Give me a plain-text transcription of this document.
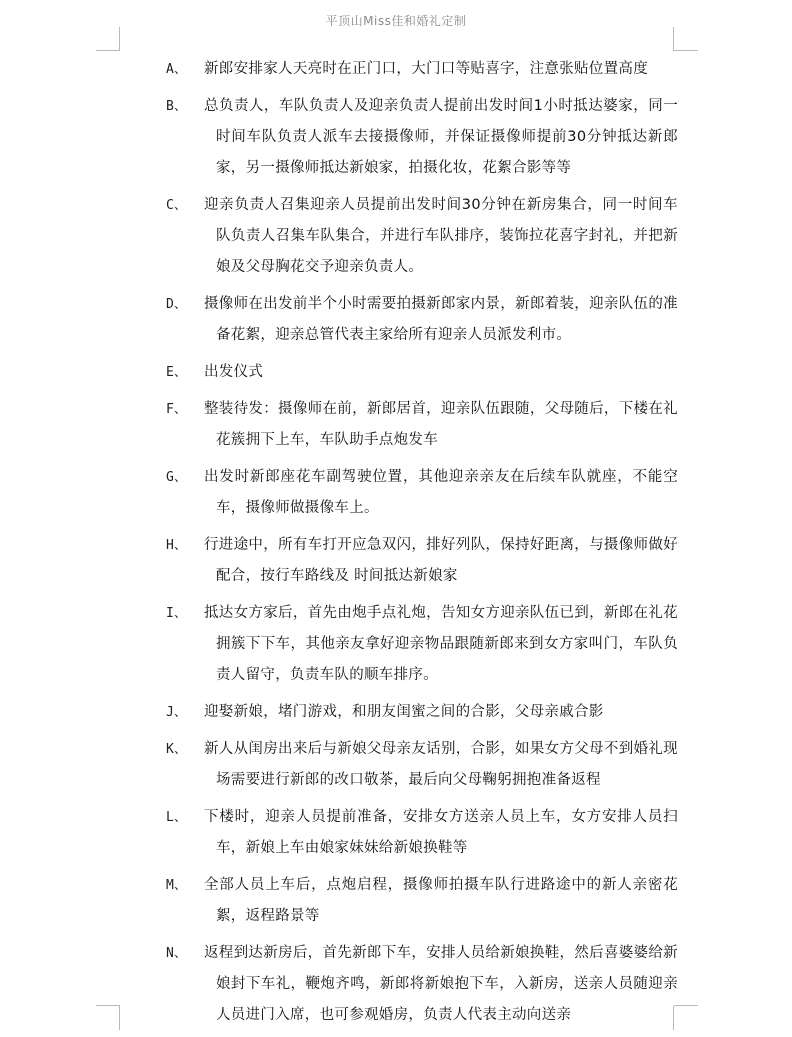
平顶山Miss佳和婚礼定制
A、	新郎安排家人天亮时在正门口，大门口等贴喜字，注意张贴位置高度
B、	总负责人，车队负责人及迎亲负责人提前出发时间1小时抵达婆家，同一时间车队负责人派车去接摄像师，并保证摄像师提前30分钟抵达新郎家，另一摄像师抵达新娘家，拍摄化妆，花絮合影等等
C、	迎亲负责人召集迎亲人员提前出发时间30分钟在新房集合，同一时间车队负责人召集车队集合，并进行车队排序，装饰拉花喜字封礼，并把新娘及父母胸花交予迎亲负责人。
D、	摄像师在出发前半个小时需要拍摄新郎家内景，新郎着装，迎亲队伍的准备花絮，迎亲总管代表主家给所有迎亲人员派发利市。
E、	出发仪式
F、	整装待发：摄像师在前，新郎居首，迎亲队伍跟随，父母随后，下楼在礼花簇拥下上车，车队助手点炮发车
G、	出发时新郎座花车副驾驶位置，其他迎亲亲友在后续车队就座，不能空车，摄像师做摄像车上。
H、	行进途中，所有车打开应急双闪，排好列队，保持好距离，与摄像师做好配合，按行车路线及 时间抵达新娘家
I、	抵达女方家后，首先由炮手点礼炮，告知女方迎亲队伍已到，新郎在礼花拥簇下下车，其他亲友拿好迎亲物品跟随新郎来到女方家叫门，车队负责人留守，负责车队的顺车排序。
J、	迎娶新娘，堵门游戏，和朋友闺蜜之间的合影，父母亲戚合影
K、	新人从闺房出来后与新娘父母亲友话别，合影，如果女方父母不到婚礼现场需要进行新郎的改口敬茶，最后向父母鞠躬拥抱准备返程
L、	下楼时，迎亲人员提前准备，安排女方送亲人员上车，女方安排人员扫车，新娘上车由娘家妹妹给新娘换鞋等
M、	全部人员上车后，点炮启程，摄像师拍摄车队行进路途中的新人亲密花絮，返程路景等
N、	返程到达新房后，首先新郎下车，安排人员给新娘换鞋，然后喜婆婆给新娘封下车礼，鞭炮齐鸣，新郎将新娘抱下车，入新房，送亲人员随迎亲人员进门入席，也可参观婚房，负责人代表主动向送亲
